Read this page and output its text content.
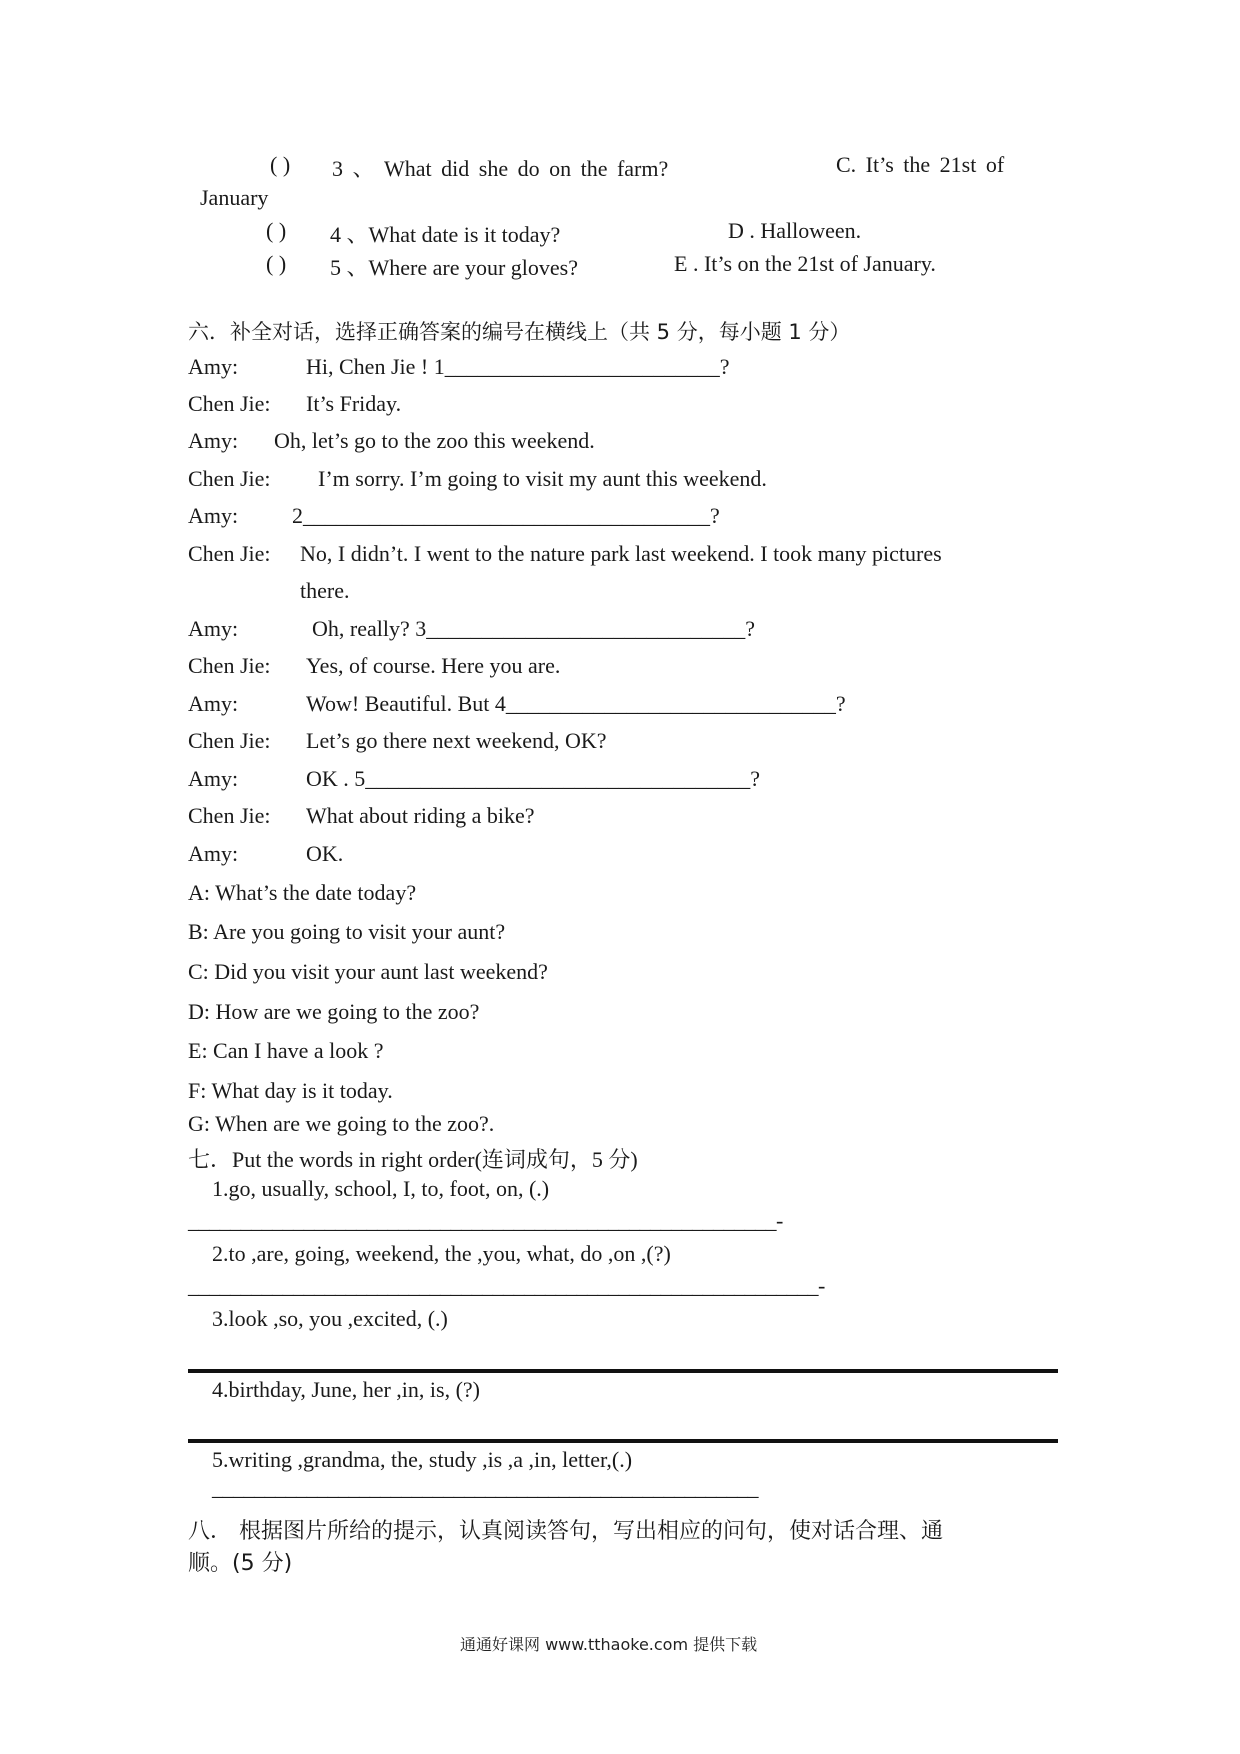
( ) 3 、 What did she do on the farm?	C. It’s the 21st of
January
( ) 4 、What date is it today?	D . Halloween.
( ) 5 、Where are your gloves?	E . It’s on the 21st of January.
六．补全对话，选择正确答案的编号在横线上（共 5 分，每小题 1 分）
Amy:	Hi, Chen Jie ! 1_________________________?
Chen Jie: It’s Friday.
Amy: Oh, let’s go to the zoo this weekend.
Chen Jie: I’m sorry. I’m going to visit my aunt this weekend.
Amy: 2_____________________________________?
Chen Jie: No, I didn’t. I went to the nature park last weekend. I took many pictures
there.
Amy:	Oh, really? 3_____________________________?
Chen Jie: Yes, of course. Here you are.
Amy:	Wow! Beautiful. But 4______________________________?
Chen Jie: Let’s go there next weekend, OK?
Amy:	OK . 5___________________________________?
Chen Jie: What about riding a bike?
Amy:	OK.
A: What’s the date today?
B: Are you going to visit your aunt?
C: Did you visit your aunt last weekend?
D: How are we going to the zoo?
E: Can I have a look ?
F: What day is it today.
G: When are we going to the zoo?.
七．Put the words in right order(连词成句，5 分)
1.go, usually, school, I, to, foot, on, (.)
________________________________________________________-
2.to ,are, going, weekend, the ,you, what, do ,on ,(?)
____________________________________________________________-
3.look ,so, you ,excited, (.)
4.birthday, June, her ,in, is, (?)
5.writing ,grandma, the, study ,is ,a ,in, letter,(.)
____________________________________________________
八． 根据图片所给的提示，认真阅读答句，写出相应的问句，使对话合理、通
顺。(5 分)
通通好课网 www.tthaoke.com 提供下载
